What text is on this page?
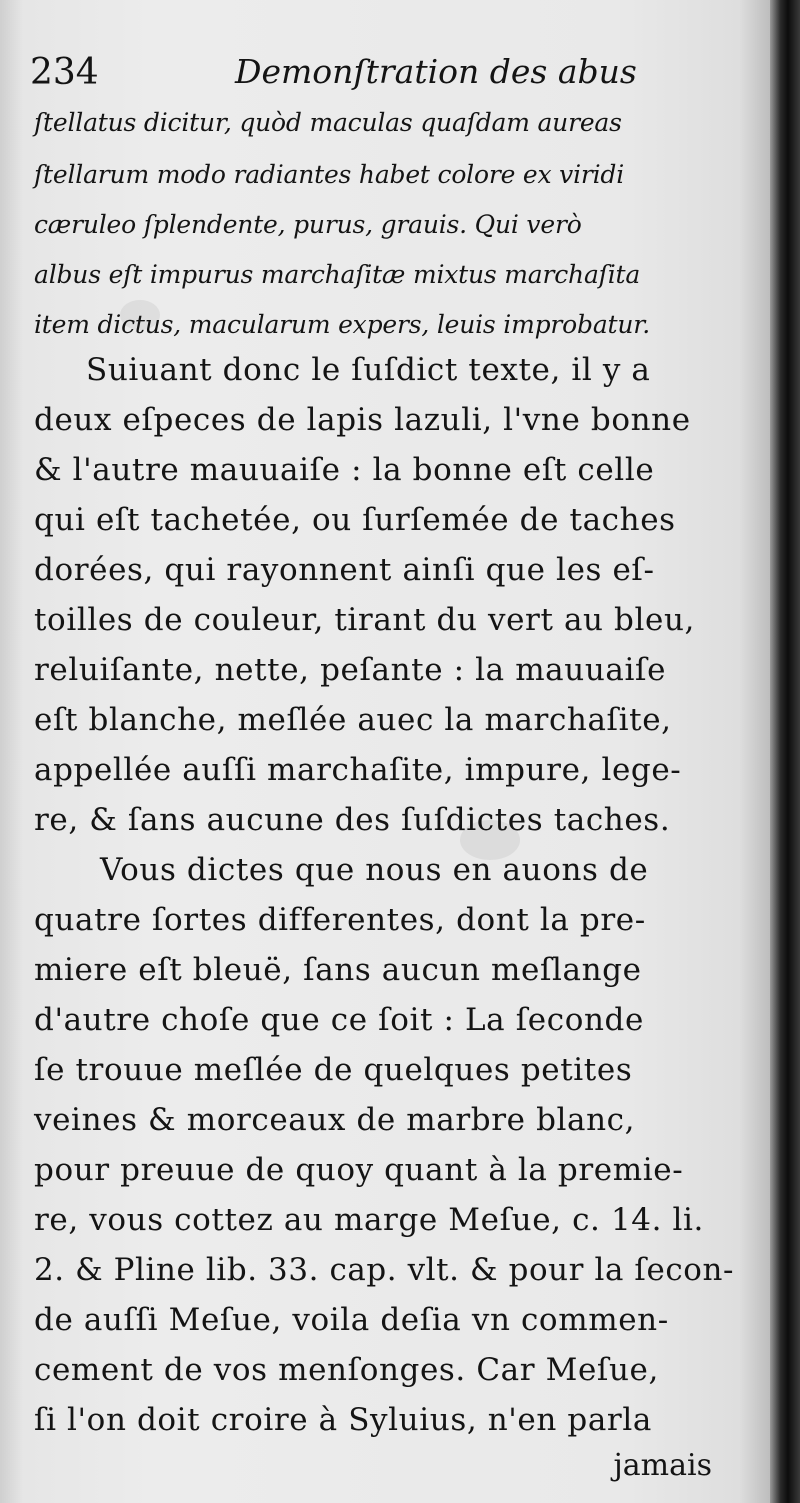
234	Demonſtration des abus
ſtellatus dicitur, quòd maculas quaſdam aureas
ſtellarum modo radiantes habet colore ex viridi
cæruleo ſplendente, purus, grauis. Qui verò
albus eſt impurus marchaſitæ mixtus marchaſita
item dictus, macularum expers, leuis improbatur.
Suiuant donc le ſuſdict texte, il y a
deux eſpeces de lapis lazuli, l'vne bonne
& l'autre mauuaiſe : la bonne eſt celle
qui eſt tachetée, ou ſurſemée de taches
dorées, qui rayonnent ainſi que les eſ-
toilles de couleur, tirant du vert au bleu,
reluiſante, nette, peſante : la mauuaiſe
eſt blanche, meſlée auec la marchaſite,
appellée auſſi marchaſite, impure, lege-
re, & ſans aucune des ſuſdictes taches.
Vous dictes que nous en auons de
quatre ſortes differentes, dont la pre-
miere eſt bleuë, ſans aucun meſlange
d'autre choſe que ce ſoit : La ſeconde
ſe trouue meſlée de quelques petites
veines & morceaux de marbre blanc,
pour preuue de quoy quant à la premie-
re, vous cottez au marge Meſue, c. 14. li.
2. & Pline lib. 33. cap. vlt. & pour la ſecon-
de auſſi Meſue, voila deſia vn commen-
cement de vos menſonges. Car Meſue,
ſi l'on doit croire à Syluius, n'en parla
jamais
